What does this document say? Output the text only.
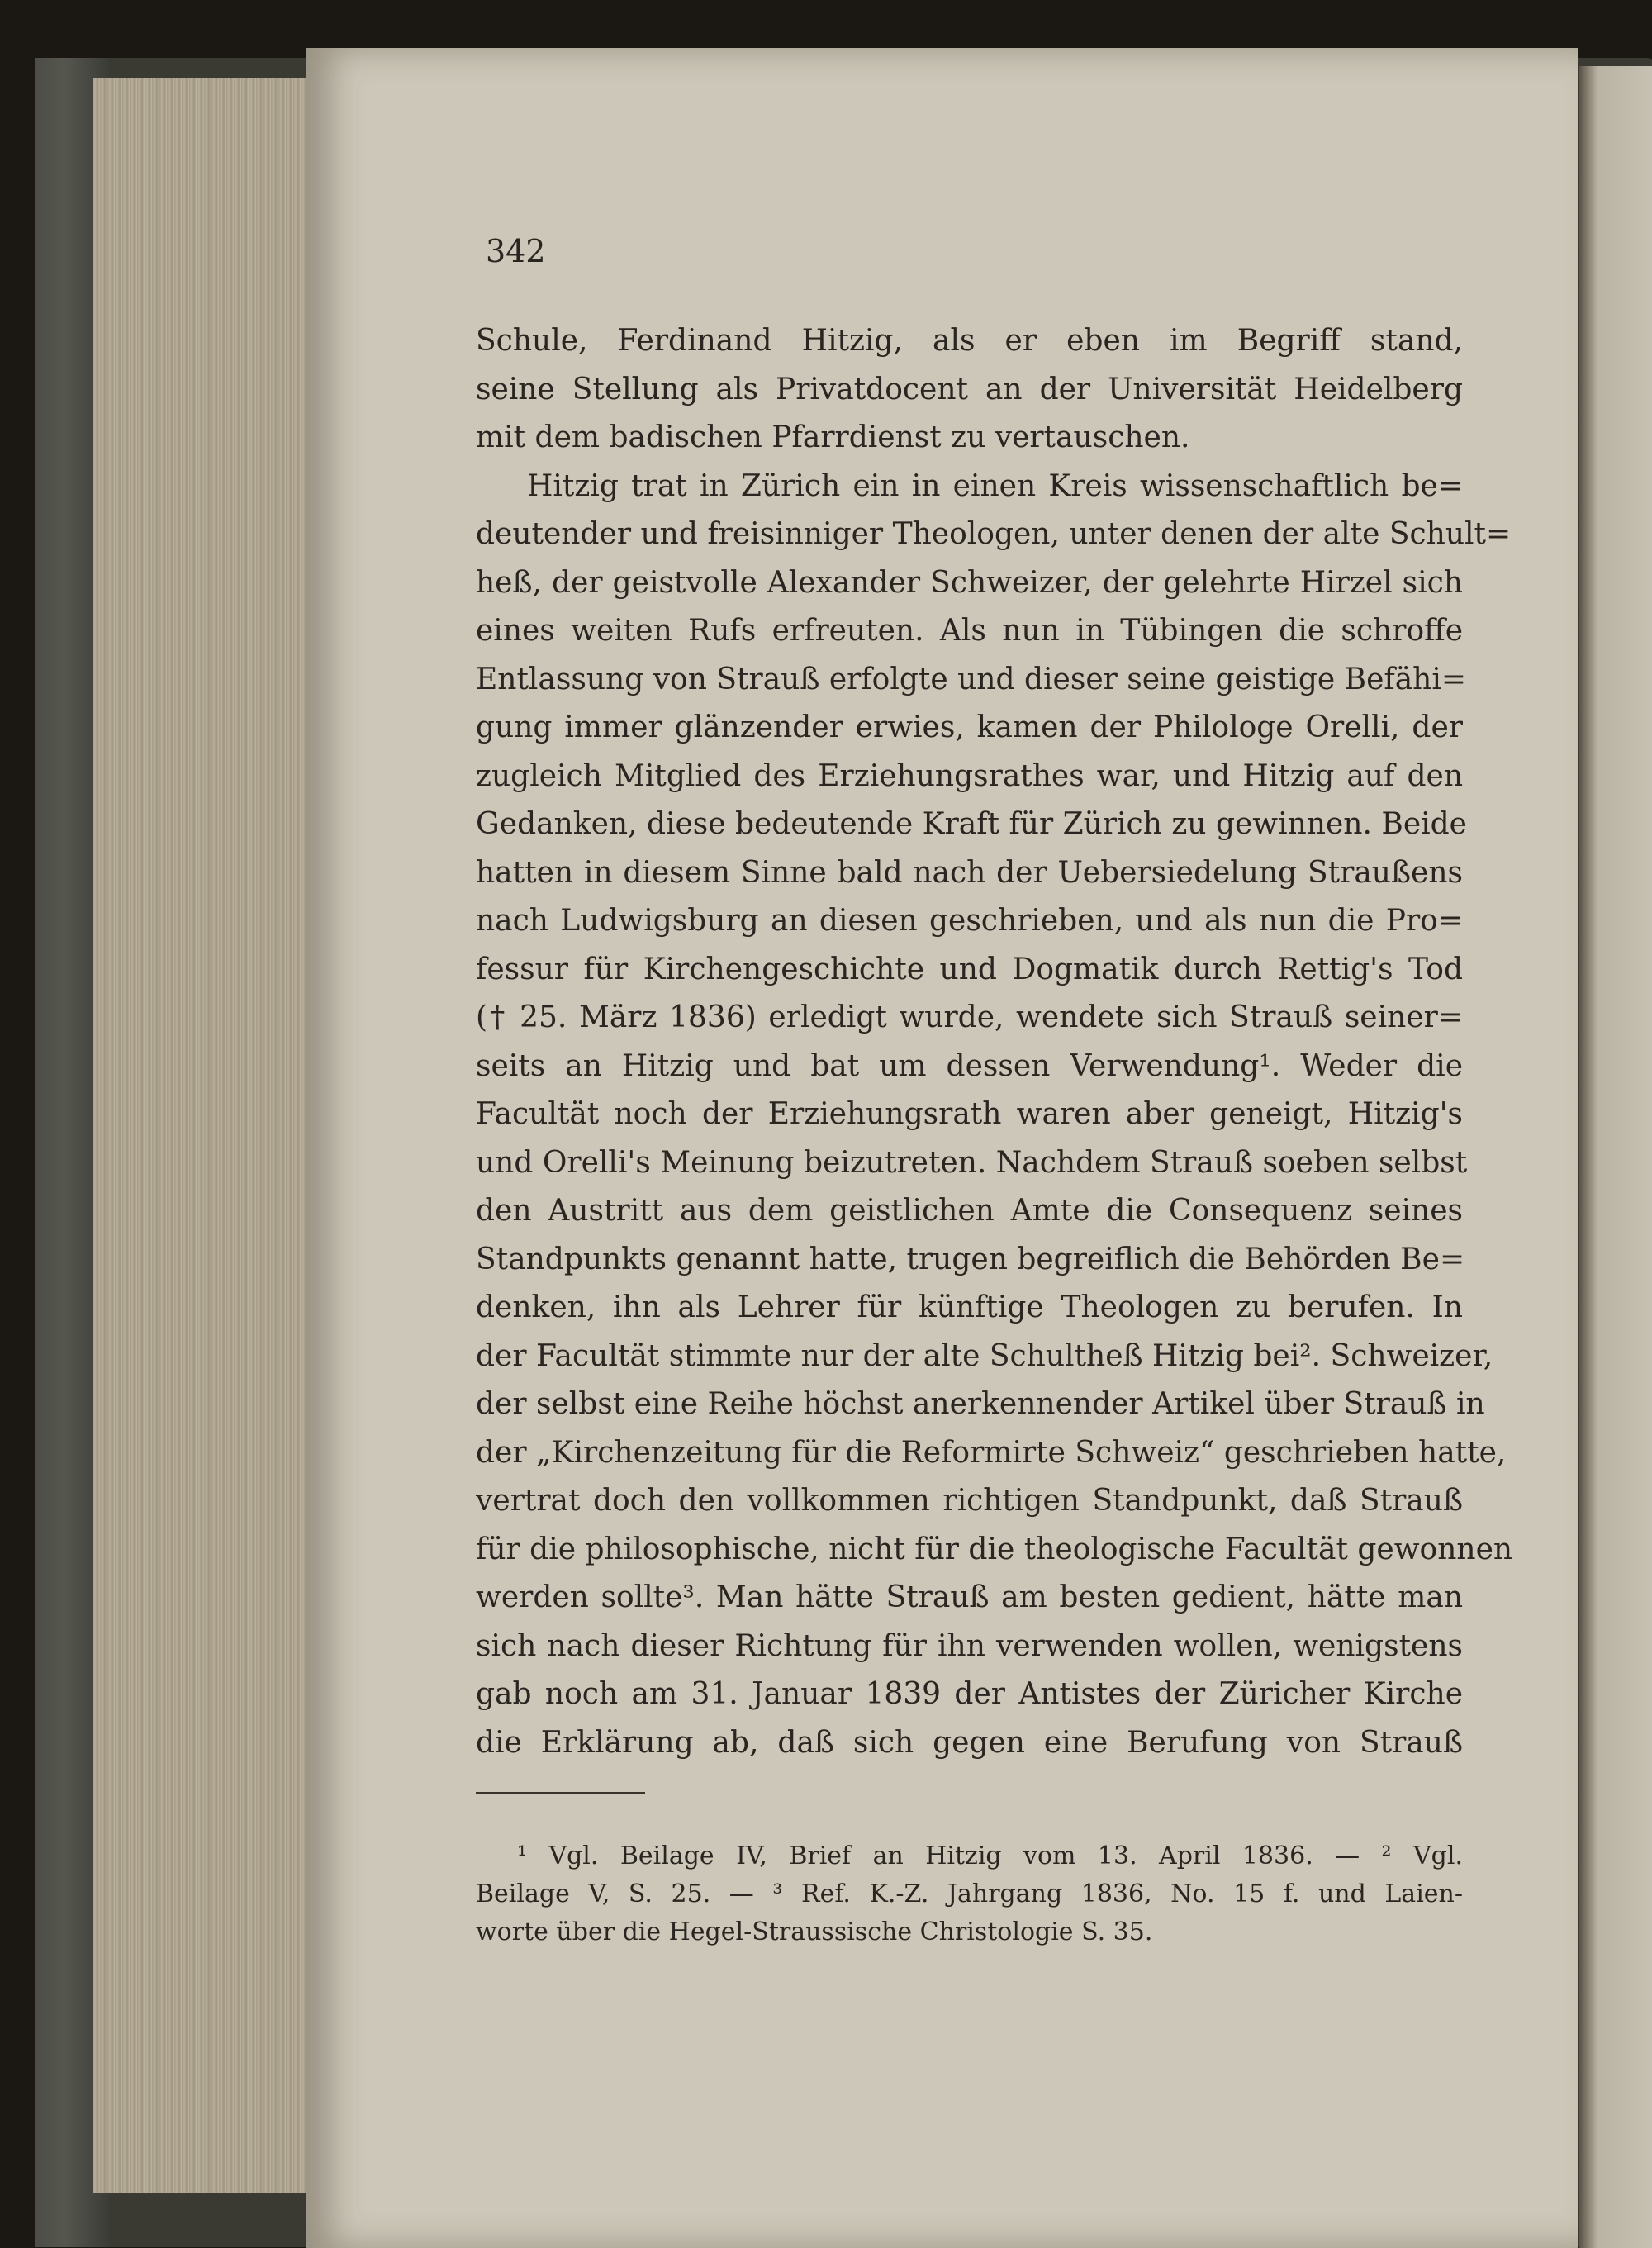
342
Schule, Ferdinand Hitzig, als er eben im Begriff stand,
seine Stellung als Privatdocent an der Universität Heidelberg
mit dem badischen Pfarrdienst zu vertauschen.
Hitzig trat in Zürich ein in einen Kreis wissenschaftlich be=
deutender und freisinniger Theologen, unter denen der alte Schult=
heß, der geistvolle Alexander Schweizer, der gelehrte Hirzel sich
eines weiten Rufs erfreuten. Als nun in Tübingen die schroffe
Entlassung von Strauß erfolgte und dieser seine geistige Befähi=
gung immer glänzender erwies, kamen der Philologe Orelli, der
zugleich Mitglied des Erziehungsrathes war, und Hitzig auf den
Gedanken, diese bedeutende Kraft für Zürich zu gewinnen. Beide
hatten in diesem Sinne bald nach der Uebersiedelung Straußens
nach Ludwigsburg an diesen geschrieben, und als nun die Pro=
fessur für Kirchengeschichte und Dogmatik durch Rettig's Tod
(† 25. März 1836) erledigt wurde, wendete sich Strauß seiner=
seits an Hitzig und bat um dessen Verwendung¹. Weder die
Facultät noch der Erziehungsrath waren aber geneigt, Hitzig's
und Orelli's Meinung beizutreten. Nachdem Strauß soeben selbst
den Austritt aus dem geistlichen Amte die Consequenz seines
Standpunkts genannt hatte, trugen begreiflich die Behörden Be=
denken, ihn als Lehrer für künftige Theologen zu berufen. In
der Facultät stimmte nur der alte Schultheß Hitzig bei². Schweizer,
der selbst eine Reihe höchst anerkennender Artikel über Strauß in
der „Kirchenzeitung für die Reformirte Schweiz“ geschrieben hatte,
vertrat doch den vollkommen richtigen Standpunkt, daß Strauß
für die philosophische, nicht für die theologische Facultät gewonnen
werden sollte³. Man hätte Strauß am besten gedient, hätte man
sich nach dieser Richtung für ihn verwenden wollen, wenigstens
gab noch am 31. Januar 1839 der Antistes der Züricher Kirche
die Erklärung ab, daß sich gegen eine Berufung von Strauß
¹ Vgl. Beilage IV, Brief an Hitzig vom 13. April 1836. — ² Vgl.
Beilage V, S. 25. — ³ Ref. K.-Z. Jahrgang 1836, No. 15 f. und Laien-
worte über die Hegel-Straussische Christologie S. 35.
